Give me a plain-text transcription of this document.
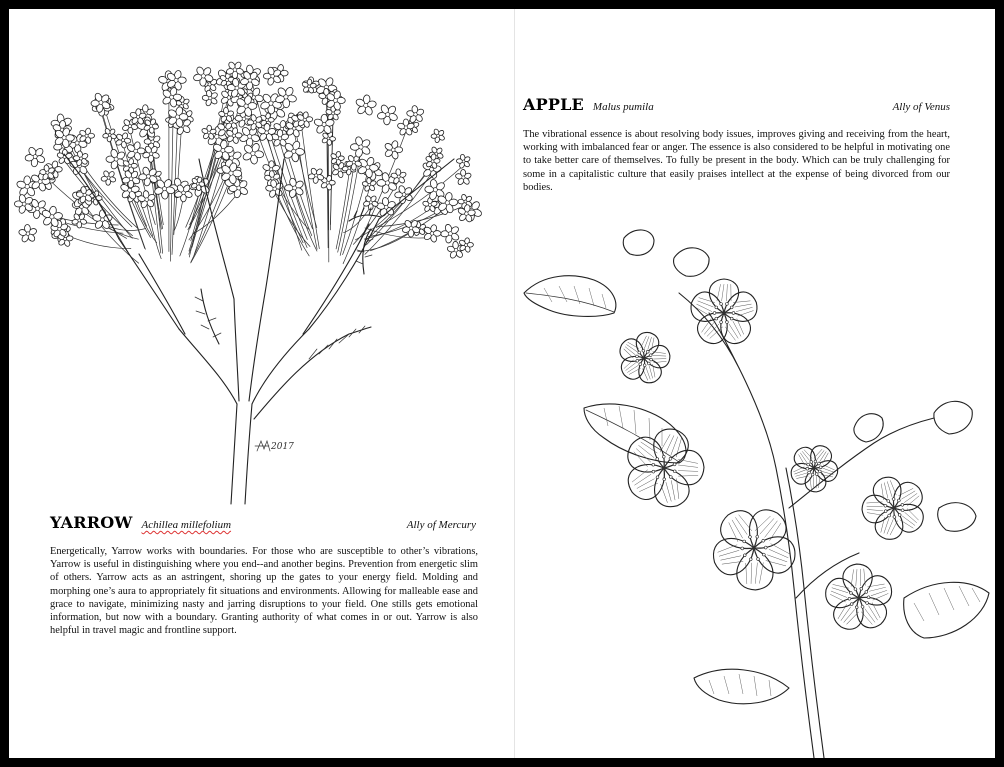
2017
YARROW Achillea millefolium	Ally of Mercury
Energetically, Yarrow works with boundaries. For those who are susceptible to other’s vibrations, Yarrow is useful in distinguishing where you end--and another begins. Prevention from energetic slim of others. Yarrow acts as an astringent, shoring up the gates to your energy field. Molding and morphing one’s aura to appropriately fit situations and environments. Allowing for malleable ease and grace to navigate, minimizing nasty and jarring disruptions to your field. One stills gets emotional information, but now with a boundary. Granting authority of what comes in or out. Yarrow is also helpful in travel magic and frontline support.
APPLE Malus pumila	Ally of Venus
The vibrational essence is about resolving body issues, improves giving and receiving from the heart, working with imbalanced fear or anger. The essence is also considered to be helpful in motivating one to take better care of themselves. To fully be present in the body. Which can be truly challenging for some in a capitalistic culture that easily praises intellect at the expense of being divorced from our bodies.
